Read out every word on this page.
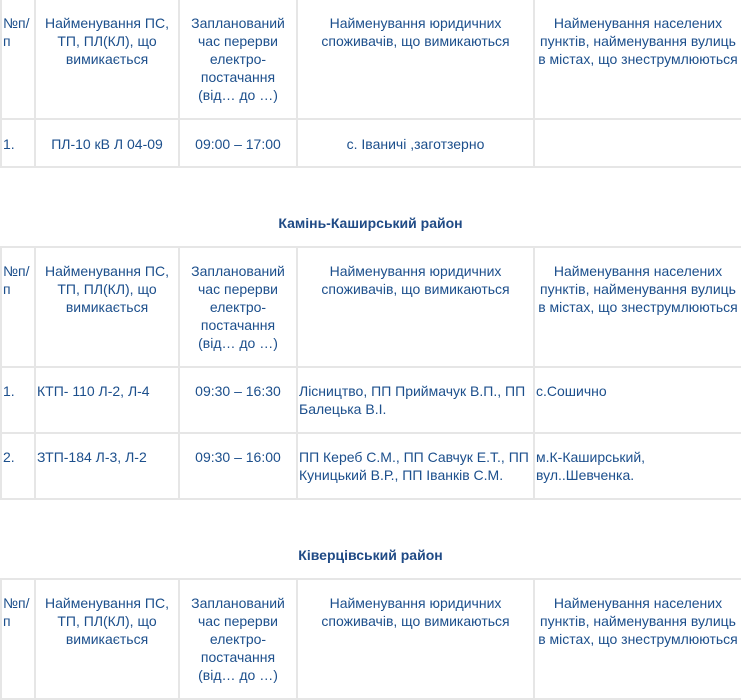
№п/п	Найменування ПС, ТП, ПЛ(КЛ), що вимикається	Запланований час перерви електро-постачання (від… до …)	Найменування юридичних споживачів, що вимикаються	Найменування населених пунктів, найменування вулиць в містах, що знеструмлюються
1.	ПЛ-10 кВ Л 04-09	09:00 – 17:00	с. Іваничі ,заготзерно	
Камінь-Каширський район
№п/п	Найменування ПС, ТП, ПЛ(КЛ), що вимикається	Запланований час перерви електро-постачання (від… до …)	Найменування юридичних споживачів, що вимикаються	Найменування населених пунктів, найменування вулиць в містах, що знеструмлюються
1.	КТП- 110 Л-2, Л-4	09:30 – 16:30	Лісництво, ПП Приймачук В.П., ПП Балецька В.І.	с.Сошично
2.	ЗТП-184 Л-3, Л-2	09:30 – 16:00	ПП Кереб С.М., ПП Савчук Е.Т., ПП Куницький В.Р., ПП Іванків С.М.	м.К-Каширський, вул..Шевченка.
Ківерцівський район
№п/п	Найменування ПС, ТП, ПЛ(КЛ), що вимикається	Запланований час перерви електро-постачання (від… до …)	Найменування юридичних споживачів, що вимикаються	Найменування населених пунктів, найменування вулиць в містах, що знеструмлюються
